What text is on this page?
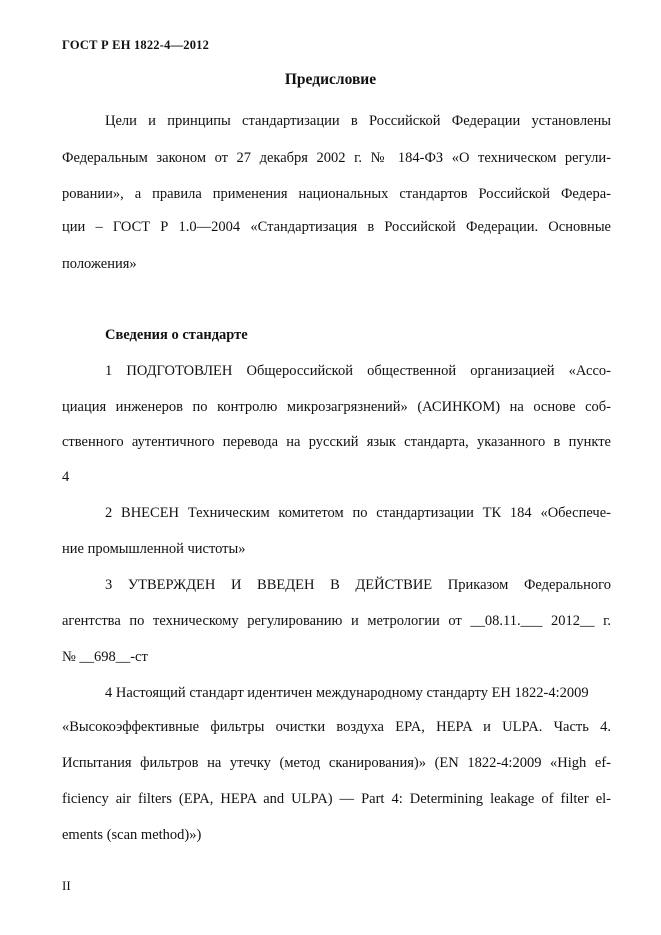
ГОСТ Р ЕН 1822-4—2012
Предисловие
Цели и принципы стандартизации в Российской Федерации установлены
Федеральным законом от 27 декабря 2002 г. № 184-ФЗ «О техническом регули-
ровании», а правила применения национальных стандартов Российской Федера-
ции – ГОСТ Р 1.0—2004 «Стандартизация в Российской Федерации. Основные
положения»
Сведения о стандарте
1 ПОДГОТОВЛЕН Общероссийской общественной организацией «Ассо-
циация инженеров по контролю микрозагрязнений» (АСИНКОМ) на основе соб-
ственного аутентичного перевода на русский язык стандарта, указанного в пункте
4
2 ВНЕСЕН Техническим комитетом по стандартизации ТК 184 «Обеспече-
ние промышленной чистоты»
3 УТВЕРЖДЕН И ВВЕДЕН В ДЕЙСТВИЕ Приказом Федерального
агентства по техническому регулированию и метрологии от __08.11.___ 2012__ г.
№ __698__-ст
4 Настоящий стандарт идентичен международному стандарту ЕН 1822-4:2009
«Высокоэффективные фильтры очистки воздуха EPA, HEPA и ULPA. Часть 4.
Испытания фильтров на утечку (метод сканирования)» (EN 1822-4:2009 «High ef-
ficiency air filters (EPA, HEPA and ULPA) — Part 4: Determining leakage of filter el-
ements (scan method)»)
II
